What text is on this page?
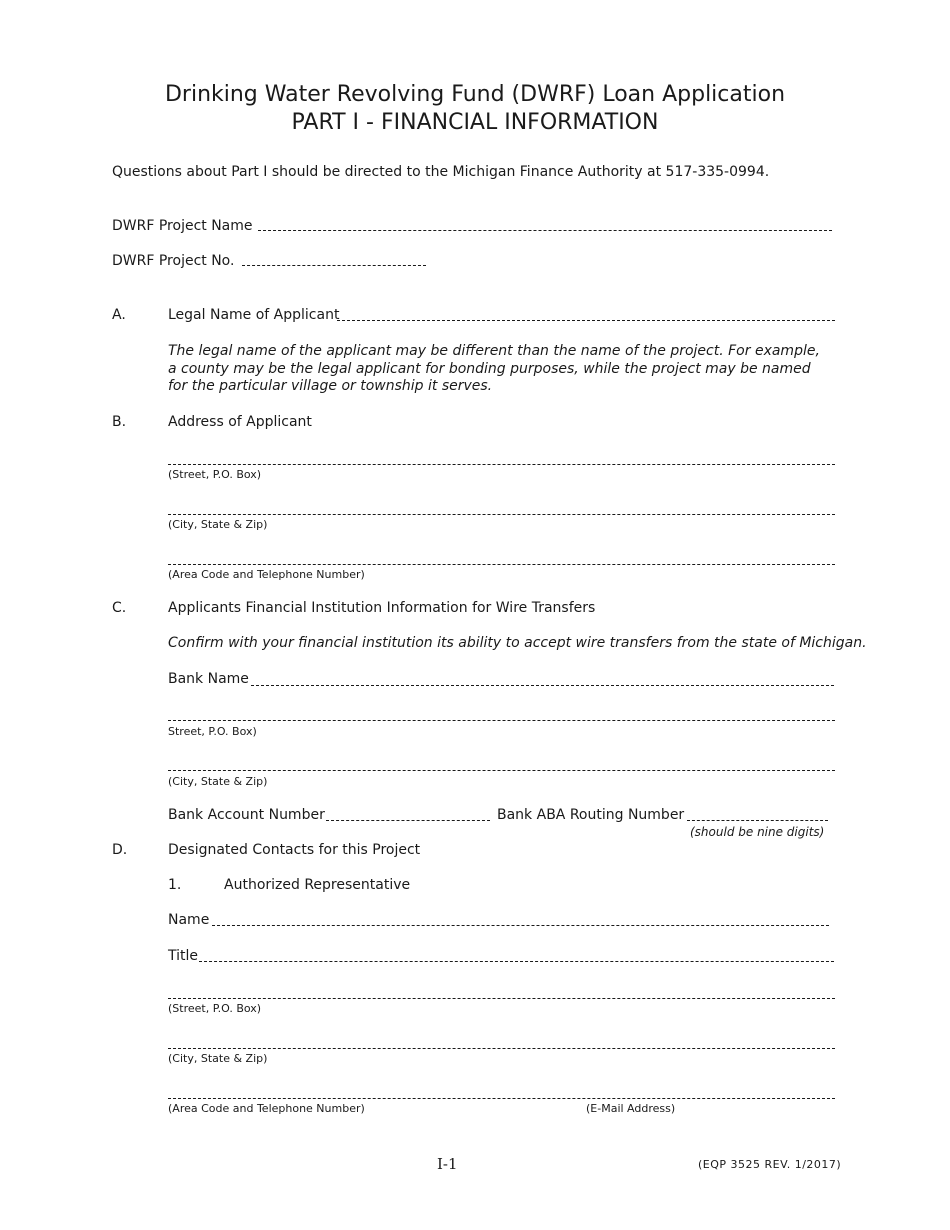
Drinking Water Revolving Fund (DWRF) Loan Application
PART I - FINANCIAL INFORMATION
Questions about Part I should be directed to the Michigan Finance Authority at 517-335-0994.
DWRF Project Name
DWRF Project No.
A.	Legal Name of Applicant
The legal name of the applicant may be different than the name of the project. For example, a county may be the legal applicant for bonding purposes, while the project may be named for the particular village or township it serves.
B.	Address of Applicant
(Street, P.O. Box)
(City, State & Zip)
(Area Code and Telephone Number)
C.	Applicants Financial Institution Information for Wire Transfers
Confirm with your financial institution its ability to accept wire transfers from the state of Michigan.
Bank Name
Street, P.O. Box)
(City, State & Zip)
Bank Account Number	Bank ABA Routing Number
(should be nine digits)
D.	Designated Contacts for this Project
1.	Authorized Representative
Name
Title
(Street, P.O. Box)
(City, State & Zip)
(Area Code and Telephone Number)	(E-Mail Address)
I-1	(EQP 3525 REV. 1/2017)
